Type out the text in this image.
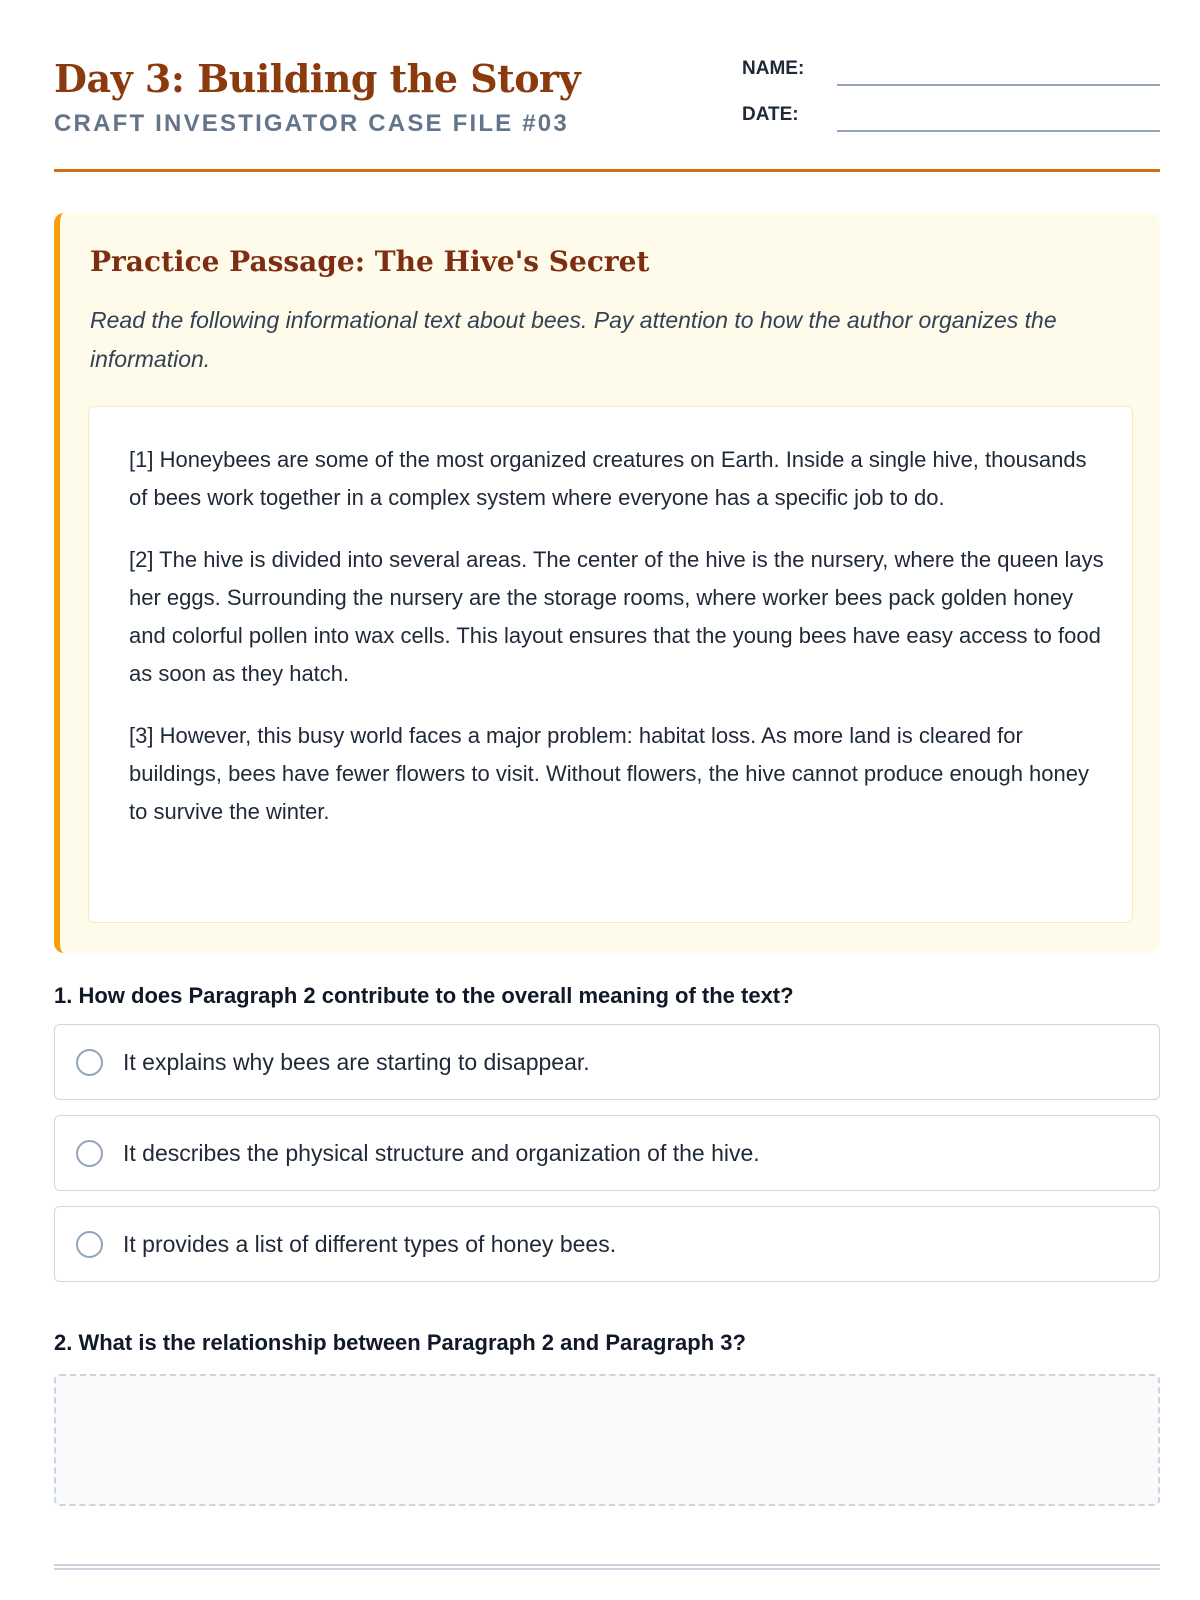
Day 3: Building the Story
CRAFT INVESTIGATOR CASE FILE #03
NAME:
DATE:
Practice Passage: The Hive's Secret
Read the following informational text about bees. Pay attention to how the author organizes the information.

[1] Honeybees are some of the most organized creatures on Earth. Inside a single hive, thousands of bees work together in a complex system where everyone has a specific job to do.

[2] The hive is divided into several areas. The center of the hive is the nursery, where the queen lays her eggs. Surrounding the nursery are the storage rooms, where worker bees pack golden honey and colorful pollen into wax cells. This layout ensures that the young bees have easy access to food as soon as they hatch.

[3] However, this busy world faces a major problem: habitat loss. As more land is cleared for buildings, bees have fewer flowers to visit. Without flowers, the hive cannot produce enough honey to survive the winter.

1. How does Paragraph 2 contribute to the overall meaning of the text?
It explains why bees are starting to disappear.
It describes the physical structure and organization of the hive.
It provides a list of different types of honey bees.
2. What is the relationship between Paragraph 2 and Paragraph 3?
